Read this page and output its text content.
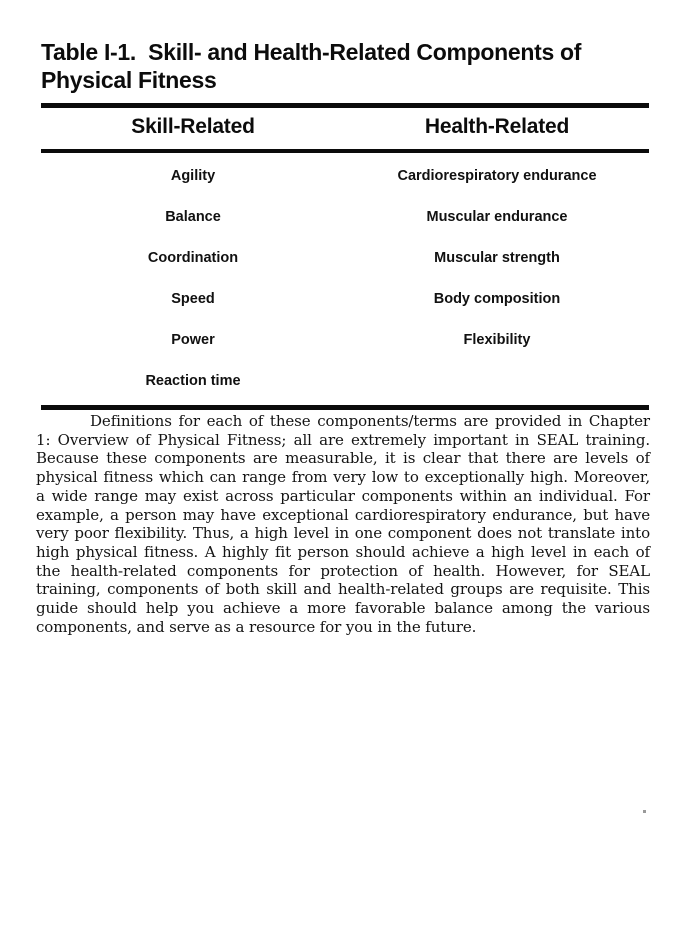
Table I-1.  Skill- and Health-Related Components of
Physical Fitness
Skill-Related	Health-Related
Agility	Cardiorespiratory endurance
Balance	Muscular endurance
Coordination	Muscular strength
Speed	Body composition
Power	Flexibility
Reaction time
Definitions for each of these components/terms are provided in Chapter 1: Overview of Physical Fitness; all are extremely important in SEAL training. Because these components are measurable, it is clear that there are levels of physical fitness which can range from very low to exceptionally high. Moreover, a wide range may exist across particular components within an individual. For example, a person may have exceptional cardiorespiratory endurance, but have very poor flexibility. Thus, a high level in one component does not translate into high physical fitness. A highly fit person should achieve a high level in each of the health-related components for protection of health. However, for SEAL training, components of both skill and health-related groups are requisite. This guide should help you achieve a more favorable balance among the various components, and serve as a resource for you in the future.
